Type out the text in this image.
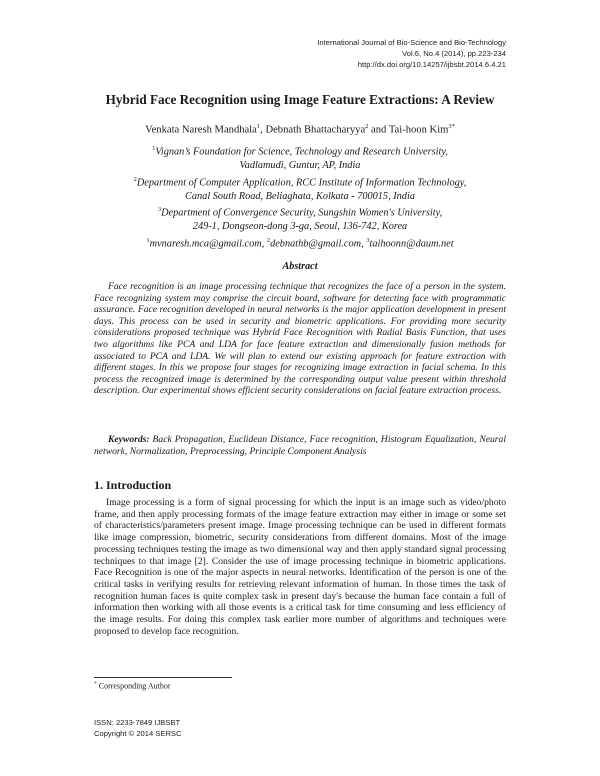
International Journal of Bio-Science and Bio-Technology
Vol.6, No.4 (2014), pp.223-234
http://dx.doi.org/10.14257/ijbsbt.2014.6.4.21
Hybrid Face Recognition using Image Feature Extractions: A Review
Venkata Naresh Mandhala$^1$, Debnath Bhattacharyya$^2$ and Tai-hoon Kim$^{3*}$
$^1$Vignan’s Foundation for Science, Technology and Research University,
Vadlamudi, Guntur, AP, India
$^2$Department of Computer Application, RCC Institute of Information Technology,
Canal South Road, Beliaghata, Kolkata - 700015, India
$^3$Department of Convergence Security, Sungshin Women's University,
249-1, Dongseon-dong 3-ga, Seoul, 136-742, Korea
$^1$mvnaresh.mca@gmail.com, $^2$debnathb@gmail.com, $^3$taihoonn@daum.net
Abstract
Face recognition is an image processing technique that recognizes the face of a person in the system. Face recognizing system may comprise the circuit board, software for detecting face with programmatic assurance. Face recognition developed in neural networks is the major application development in present days. This process can be used in security and biometric applications. For providing more security considerations proposed technique was Hybrid Face Recognition with Radial Basis Function, that uses two algorithms like PCA and LDA for face feature extraction and dimensionally fusion methods for associated to PCA and LDA. We will plan to extend our existing approach for feature extraction with different stages. In this we propose four stages for recognizing image extraction in facial schema. In this process the recognized image is determined by the corresponding output value present within threshold description. Our experimental shows efficient security considerations on facial feature extraction process.
Keywords: Back Propagation, Euclidean Distance, Face recognition, Histogram Equalization, Neural network, Normalization, Preprocessing, Principle Component Analysis
1. Introduction
Image processing is a form of signal processing for which the input is an image such as video/photo frame, and then apply processing formats of the image feature extraction may either in image or some set of characteristics/parameters present image. Image processing technique can be used in different formats like image compression, biometric, security considerations from different domains. Most of the image processing techniques testing the image as two dimensional way and then apply standard signal processing techniques to that image [2]. Consider the use of image processing technique in biometric applications. Face Recognition is one of the major aspects in neural networks. Identification of the person is one of the critical tasks in verifying results for retrieving relevant information of human. In those times the task of recognition human faces is quite complex task in present day's because the human face contain a full of information then working with all those events is a critical task for time consuming and less efficiency of the image results. For doing this complex task earlier more number of algorithms and techniques were proposed to develop face recognition.
* Corresponding Author
ISSN: 2233-7849 IJBSBT
Copyright © 2014 SERSC
